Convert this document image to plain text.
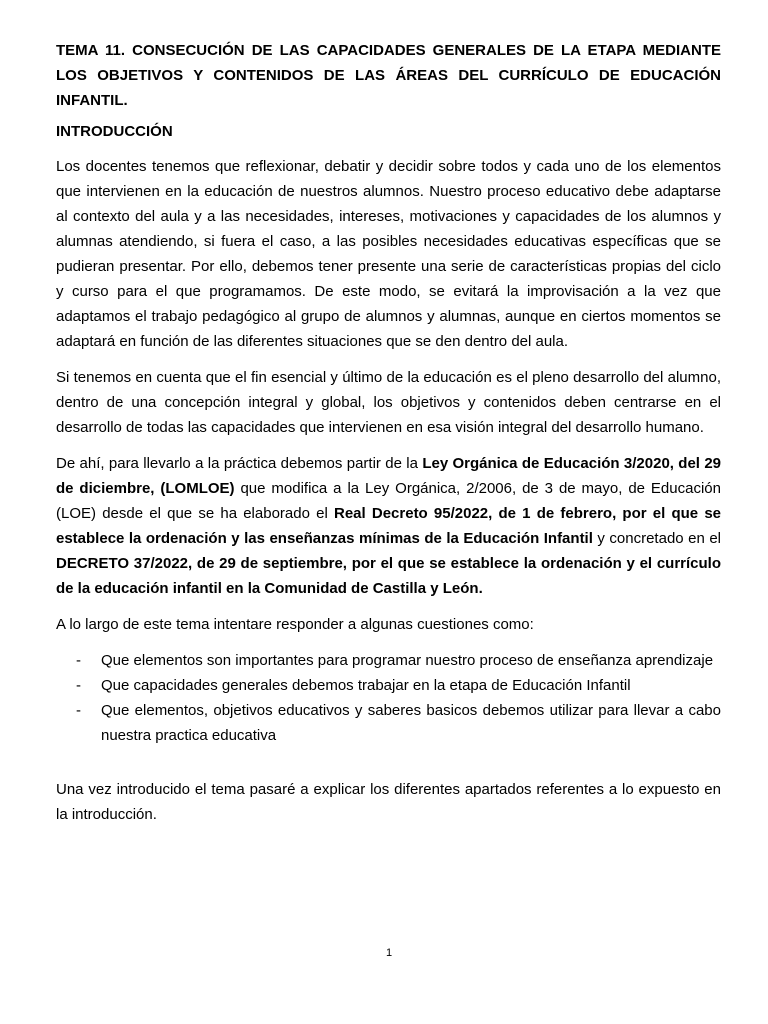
TEMA 11. CONSECUCIÓN DE LAS CAPACIDADES GENERALES DE LA ETAPA MEDIANTE LOS OBJETIVOS Y CONTENIDOS DE LAS ÁREAS DEL CURRÍCULO DE EDUCACIÓN INFANTIL.
INTRODUCCIÓN

Los docentes tenemos que reflexionar, debatir y decidir sobre todos y cada uno de los elementos que intervienen en la educación de nuestros alumnos. Nuestro proceso educativo debe adaptarse al contexto del aula y a las necesidades, intereses, motivaciones y capacidades de los alumnos y alumnas atendiendo, si fuera el caso, a las posibles necesidades educativas específicas que se pudieran presentar. Por ello, debemos tener presente una serie de características propias del ciclo y curso para el que programamos. De este modo, se evitará la improvisación a la vez que adaptamos el trabajo pedagógico al grupo de alumnos y alumnas, aunque en ciertos momentos se adaptará en función de las diferentes situaciones que se den dentro del aula.

Si tenemos en cuenta que el fin esencial y último de la educación es el pleno desarrollo del alumno, dentro de una concepción integral y global, los objetivos y contenidos deben centrarse en el desarrollo de todas las capacidades que intervienen en esa visión integral del desarrollo humano.

De ahí, para llevarlo a la práctica debemos partir de la Ley Orgánica de Educación 3/2020, del 29 de diciembre, (LOMLOE) que modifica a la Ley Orgánica, 2/2006, de 3 de mayo, de Educación (LOE) desde el que se ha elaborado el Real Decreto 95/2022, de 1 de febrero, por el que se establece la ordenación y las enseñanzas mínimas de la Educación Infantil y concretado en el DECRETO 37/2022, de 29 de septiembre, por el que se establece la ordenación y el currículo de la educación infantil en la Comunidad de Castilla y León.

A lo largo de este tema intentare responder a algunas cuestiones como:

- Que elementos son importantes para programar nuestro proceso de enseñanza aprendizaje
- Que capacidades generales debemos trabajar en la etapa de Educación Infantil
- Que elementos, objetivos educativos y saberes basicos debemos utilizar para llevar a cabo nuestra practica educativa

Una vez introducido el tema pasaré a explicar los diferentes apartados referentes a lo expuesto en la introducción.

1
